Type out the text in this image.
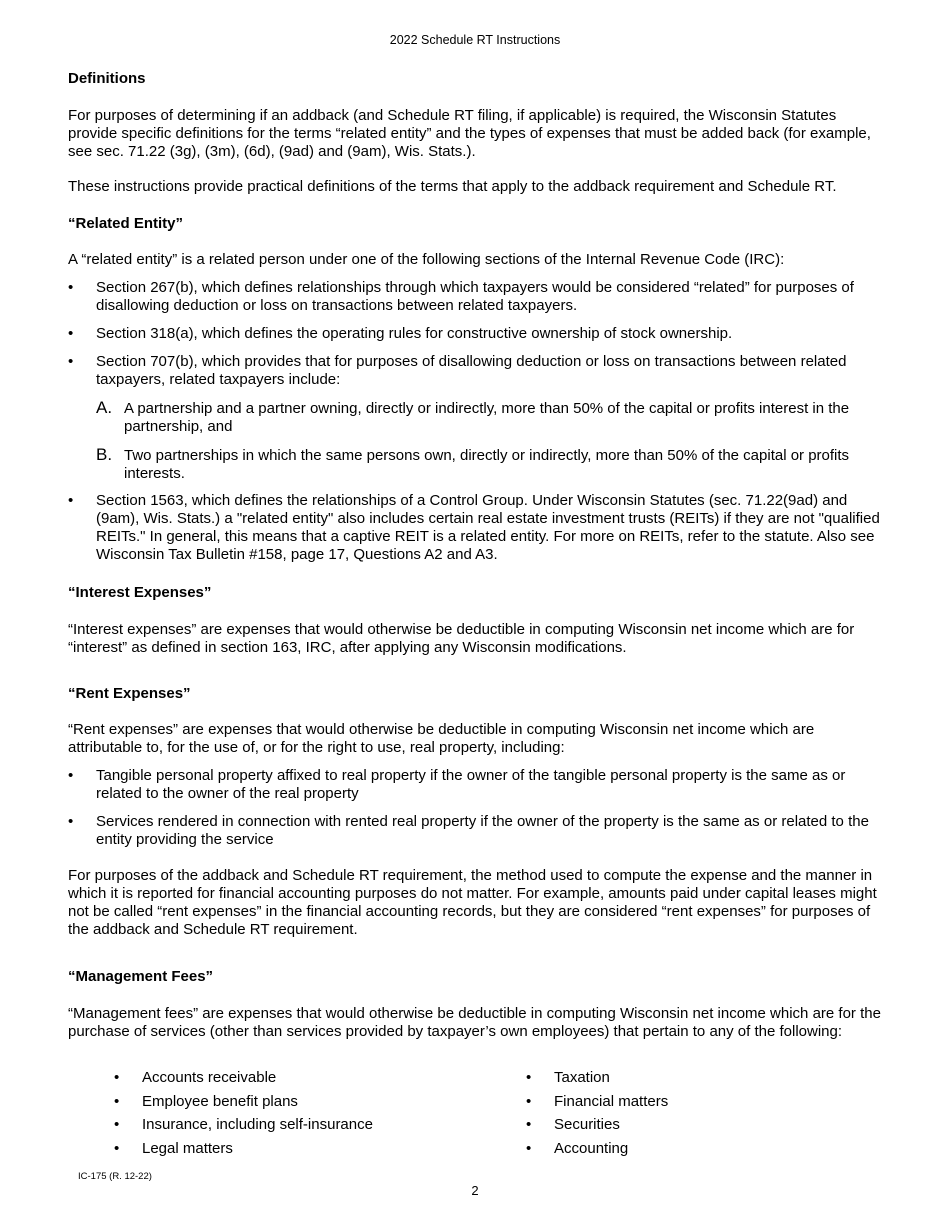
2022 Schedule RT Instructions
Definitions

For purposes of determining if an addback (and Schedule RT filing, if applicable) is required, the Wisconsin Statutes provide specific definitions for the terms “related entity” and the types of expenses that must be added back (for example, see sec. 71.22 (3g), (3m), (6d), (9ad) and (9am), Wis. Stats.).

These instructions provide practical definitions of the terms that apply to the addback requirement and Schedule RT.

“Related Entity”

A “related entity” is a related person under one of the following sections of the Internal Revenue Code (IRC):

•	Section 267(b), which defines relationships through which taxpayers would be considered “related” for purposes of disallowing deduction or loss on transactions between related taxpayers.
•	Section 318(a), which defines the operating rules for constructive ownership of stock ownership.
•	Section 707(b), which provides that for purposes of disallowing deduction or loss on transactions between related taxpayers, related taxpayers include:
A. A partnership and a partner owning, directly or indirectly, more than 50% of the capital or profits interest in the partnership, and
B. Two partnerships in which the same persons own, directly or indirectly, more than 50% of the capital or profits interests.
•	Section 1563, which defines the relationships of a Control Group. Under Wisconsin Statutes (sec. 71.22(9ad) and (9am), Wis. Stats.) a "related entity" also includes certain real estate investment trusts (REITs) if they are not "qualified REITs." In general, this means that a captive REIT is a related entity. For more on REITs, refer to the statute. Also see Wisconsin Tax Bulletin #158, page 17, Questions A2 and A3.
“Interest Expenses”

“Interest expenses” are expenses that would otherwise be deductible in computing Wisconsin net income which are for “interest” as defined in section 163, IRC, after applying any Wisconsin modifications.

“Rent Expenses”

“Rent expenses” are expenses that would otherwise be deductible in computing Wisconsin net income which are attributable to, for the use of, or for the right to use, real property, including:

•	Tangible personal property affixed to real property if the owner of the tangible personal property is the same as or related to the owner of the real property
•	Services rendered in connection with rented real property if the owner of the property is the same as or related to the entity providing the service

For purposes of the addback and Schedule RT requirement, the method used to compute the expense and the manner in which it is reported for financial accounting purposes do not matter. For example, amounts paid under capital leases might not be called “rent expenses” in the financial accounting records, but they are considered “rent expenses” for purposes of the addback and Schedule RT requirement.

“Management Fees”

“Management fees” are expenses that would otherwise be deductible in computing Wisconsin net income which are for the purchase of services (other than services provided by taxpayer’s own employees) that pertain to any of the following:

• Accounts receivable
• Employee benefit plans
• Insurance, including self-insurance
• Legal matters
• Taxation
• Financial matters
• Securities
• Accounting
IC-175 (R. 12-22)
2
